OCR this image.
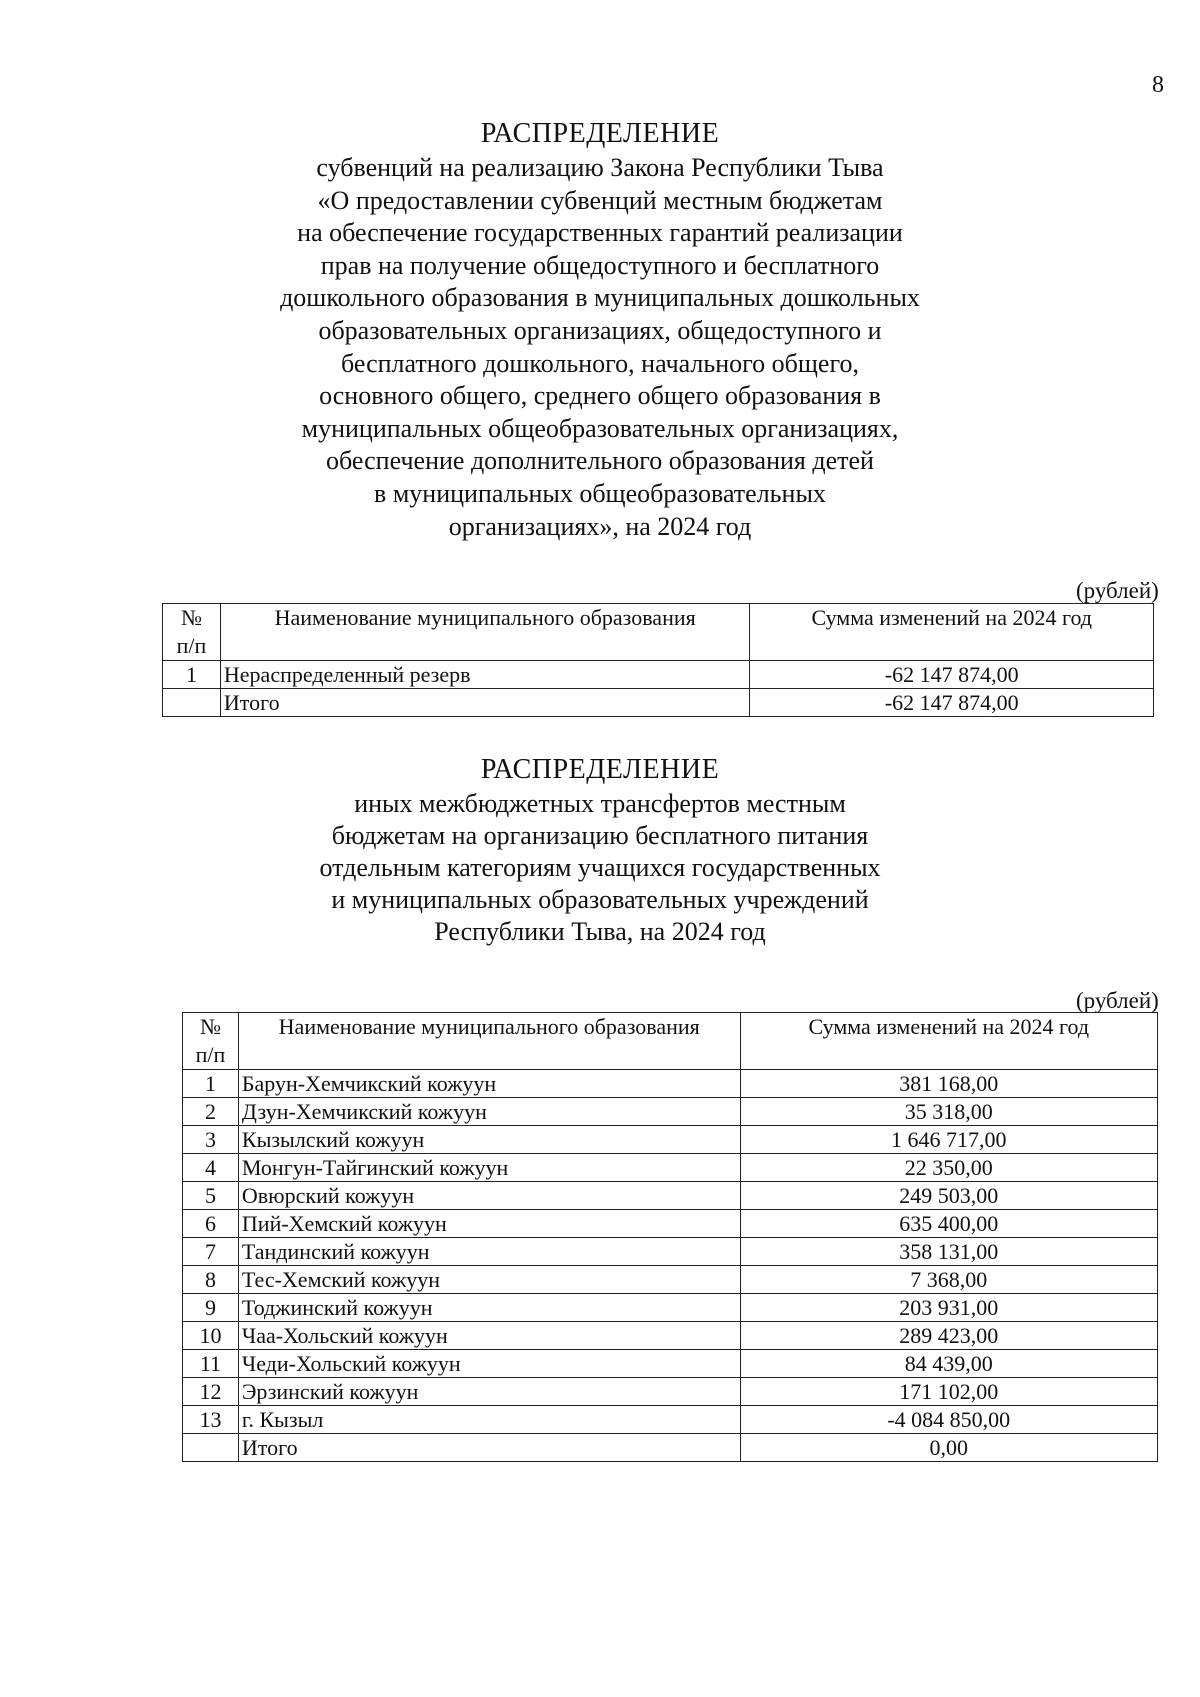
8
РАСПРЕДЕЛЕНИЕ
субвенций на реализацию Закона Республики Тыва
«О предоставлении субвенций местным бюджетам
на обеспечение государственных гарантий реализации
прав на получение общедоступного и бесплатного
дошкольного образования в муниципальных дошкольных
образовательных организациях, общедоступного и
бесплатного дошкольного, начального общего,
основного общего, среднего общего образования в
муниципальных общеобразовательных организациях,
обеспечение дополнительного образования детей
в муниципальных общеобразовательных
организациях», на 2024 год
(рублей)
№
п/п	Наименование муниципального образования	Сумма изменений на 2024 год
1	Нераспределенный резерв	-62 147 874,00
	Итого	-62 147 874,00
РАСПРЕДЕЛЕНИЕ
иных межбюджетных трансфертов местным
бюджетам на организацию бесплатного питания
отдельным категориям учащихся государственных
и муниципальных образовательных учреждений
Республики Тыва, на 2024 год
(рублей)
№
п/п	Наименование муниципального образования	Сумма изменений на 2024 год
1	Барун-Хемчикский кожуун	381 168,00
2	Дзун-Хемчикский кожуун	35 318,00
3	Кызылский кожуун	1 646 717,00
4	Монгун-Тайгинский кожуун	22 350,00
5	Овюрский кожуун	249 503,00
6	Пий-Хемский кожуун	635 400,00
7	Тандинский кожуун	358 131,00
8	Тес-Хемский кожуун	7 368,00
9	Тоджинский кожуун	203 931,00
10	Чаа-Хольский кожуун	289 423,00
11	Чеди-Хольский кожуун	84 439,00
12	Эрзинский кожуун	171 102,00
13	г. Кызыл	-4 084 850,00
	Итого	0,00
